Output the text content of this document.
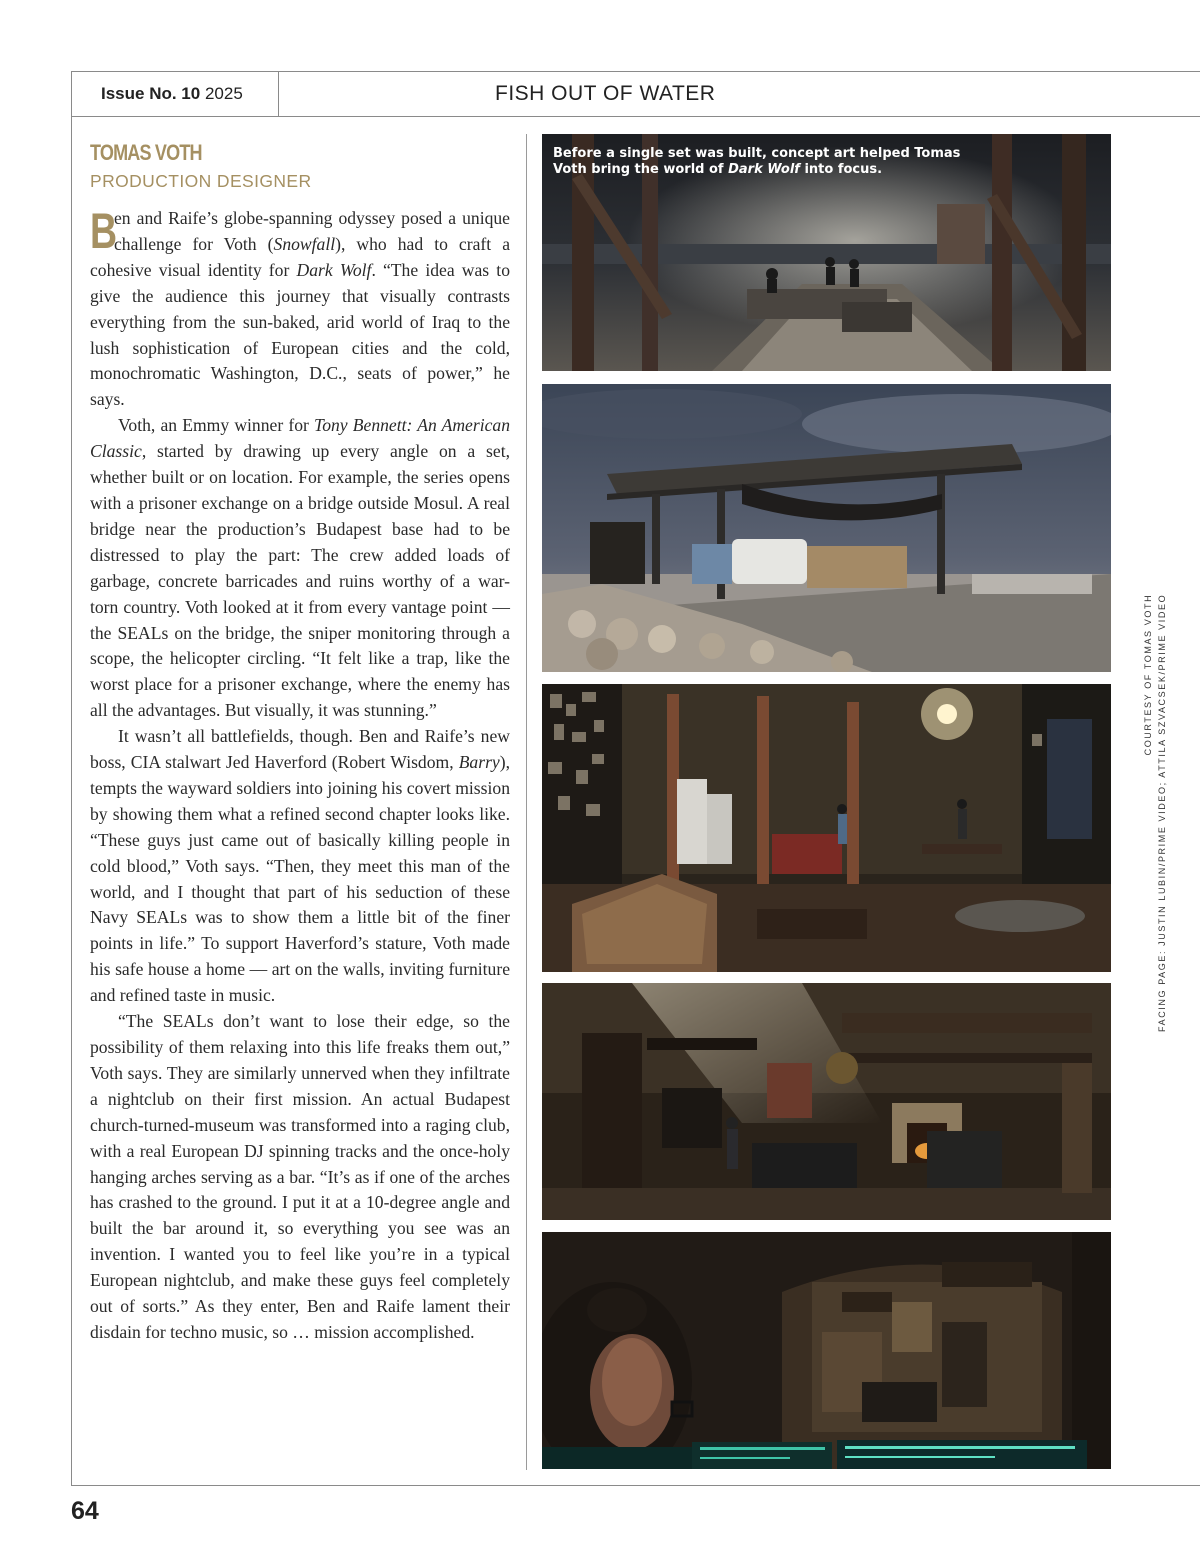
Issue No. 10 2025	FISH OUT OF WATER
TOMAS VOTH
PRODUCTION DESIGNER

B
en and Raife’s globe-spanning odyssey posed a unique challenge for Voth (Snowfall), who had to craft a cohesive visual identity for Dark Wolf. “The idea was to give the audience this journey that visually contrasts everything from the sun-baked, arid world of Iraq to the lush sophistication of European cities and the cold, monochromatic Washington, D.C., seats of power,” he says.

Voth, an Emmy winner for Tony Bennett: An American Classic, started by drawing up every angle on a set, whether built or on location. For example, the series opens with a prisoner exchange on a bridge outside Mosul. A real bridge near the production’s Budapest base had to be distressed to play the part: The crew added loads of garbage, concrete barricades and ruins worthy of a war-torn country. Voth looked at it from every vantage point — the SEALs on the bridge, the sniper monitoring through a scope, the helicopter circling. “It felt like a trap, like the worst place for a prisoner exchange, where the enemy has all the advantages. But visually, it was stunning.”

It wasn’t all battlefields, though. Ben and Raife’s new boss, CIA stalwart Jed Haverford (Robert Wisdom, Barry), tempts the wayward soldiers into joining his covert mission by showing them what a refined second chapter looks like. “These guys just came out of basically killing people in cold blood,” Voth says. “Then, they meet this man of the world, and I thought that part of his seduction of these Navy SEALs was to show them a little bit of the finer points in life.” To support Haverford’s stature, Voth made his safe house a home — art on the walls, inviting furniture and refined taste in music.

“The SEALs don’t want to lose their edge, so the possibility of them relaxing into this life freaks them out,” Voth says. They are similarly unnerved when they infiltrate a nightclub on their first mission. An actual Budapest church-turned-museum was transformed into a raging club, with a real European DJ spinning tracks and the once-holy hanging arches serving as a bar. “It’s as if one of the arches has crashed to the ground. I put it at a 10-degree angle and built the bar around it, so everything you see was an invention. I wanted you to feel like you’re in a typical European nightclub, and make these guys feel completely out of sorts.” As they enter, Ben and Raife lament their disdain for techno music, so … mission accomplished.

Before a single set was built, concept art helped Tomas Voth bring the world of Dark Wolf into focus.
COURTESY OF TOMAS VOTH FACING PAGE: JUSTIN LUBIN/PRIME VIDEO; ATTILA SZVACSEK/PRIME VIDEO
64
